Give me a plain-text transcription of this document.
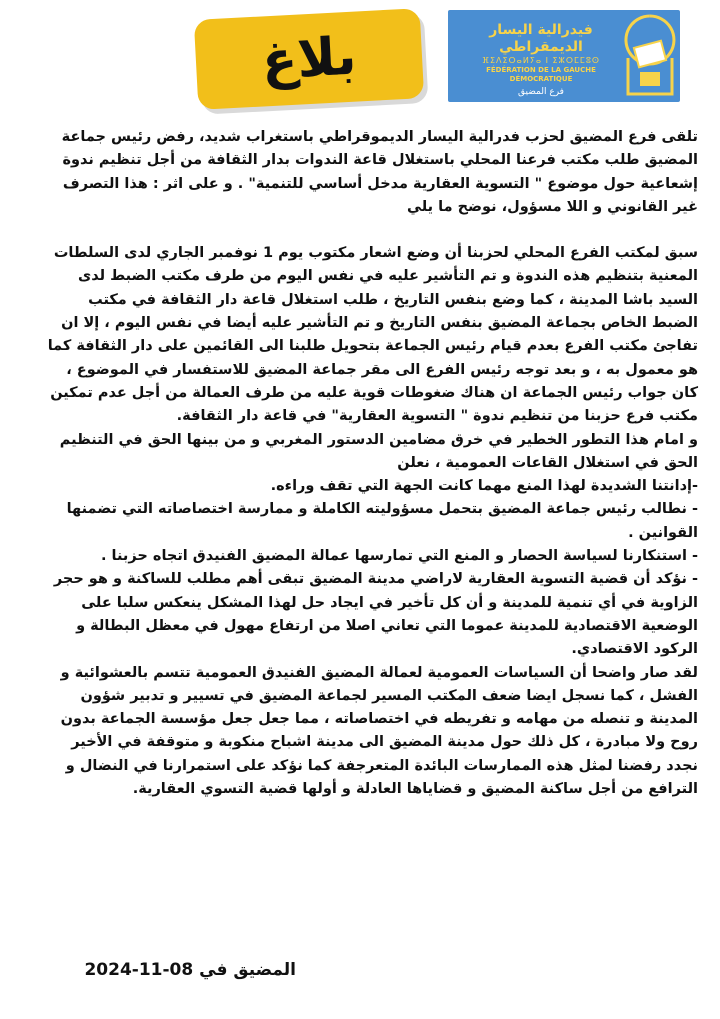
بلاغ	فيدرالية اليسار الديمقراطي
ⴼⵉⴷⵉⵔⴰⵍⵢⴰ ⵏ ⵉⵣⵔⵎⵎⵓⵙ
FÉDÉRATION DE LA GAUCHE DÉMOCRATIQUE
فرع المضيق

تلقى فرع المضيق لحزب فدرالية اليسار الديموقراطي باستغراب شديد، رفض رئيس جماعة المضيق طلب مكتب فرعنا المحلي باستغلال قاعة الندوات بدار الثقافة من أجل تنظيم ندوة إشعاعية حول موضوع " التسوية العقارية مدخل أساسي للتنمية" . و على اثر : هذا التصرف غير القانوني و اللا مسؤول، نوضح ما يلي

سبق لمكتب الفرع المحلي لحزبنا أن وضع اشعار مكتوب يوم 1 نوفمبر الجاري لدى السلطات المعنية بتنظيم هذه الندوة و تم التأشير عليه في نفس اليوم من طرف مكتب الضبط لدى السيد باشا المدينة ، كما وضع بنفس التاريخ ، طلب استغلال قاعة دار الثقافة في مكتب الضبط الخاص بجماعة المضيق بنفس التاريخ و تم التأشير عليه أيضا في نفس اليوم ، إلا ان تفاجئ مكتب الفرع بعدم قيام رئيس الجماعة بتحويل طلبنا الى القائمين على دار الثقافة كما هو معمول به ، و بعد توجه رئيس الفرع الى مقر جماعة المضيق للاستفسار في الموضوع ، كان جواب رئيس الجماعة ان هناك ضغوطات قوية عليه من طرف العمالة من أجل عدم تمكين مكتب فرع حزبنا من تنظيم ندوة " التسوية العقارية" في قاعة دار الثقافة.

و امام هذا التطور الخطير في خرق مضامين الدستور المغربي و من بينها الحق في التنظيم الحق في استغلال القاعات العمومية ، نعلن

-إدانتنا الشديدة لهذا المنع مهما كانت الجهة التي تقف وراءه.

- نطالب رئيس جماعة المضيق بتحمل مسؤوليته الكاملة و ممارسة اختصاصاته التي تضمنها القوانين .

- استنكارنا لسياسة الحصار و المنع التي تمارسها عمالة المضيق الفنيدق اتجاه حزبنا .

- نؤكد أن قضية التسوية العقارية لاراضي مدينة المضيق تبقى أهم مطلب للساكنة و هو حجر الزاوية في أي تنمية للمدينة و أن كل تأخير في ايجاد حل لهذا المشكل ينعكس سلبا على الوضعية الاقتصادية للمدينة عموما التي تعاني اصلا من ارتفاع مهول في معظل البطالة و الركود الاقتصادي.

لقد صار واضحا أن السياسات العمومية لعمالة المضيق الفنيدق العمومية تتسم بالعشوائية و الفشل ، كما نسجل ايضا ضعف المكتب المسير لجماعة المضيق في تسيير و تدبير شؤون المدينة و تنصله من مهامه و تفريطه في اختصاصاته ، مما جعل جعل مؤسسة الجماعة بدون روح ولا مبادرة ، كل ذلك حول مدينة المضيق الى مدينة اشباح منكوبة و متوقفة في الأخير نجدد رفضنا لمثل هذه الممارسات البائدة المتعرجفة كما نؤكد على استمرارنا في النضال و الترافع من أجل ساكنة المضيق و قضاياها العادلة و أولها قضية التسوي العقارية.

المضيق في 2024-11-08
